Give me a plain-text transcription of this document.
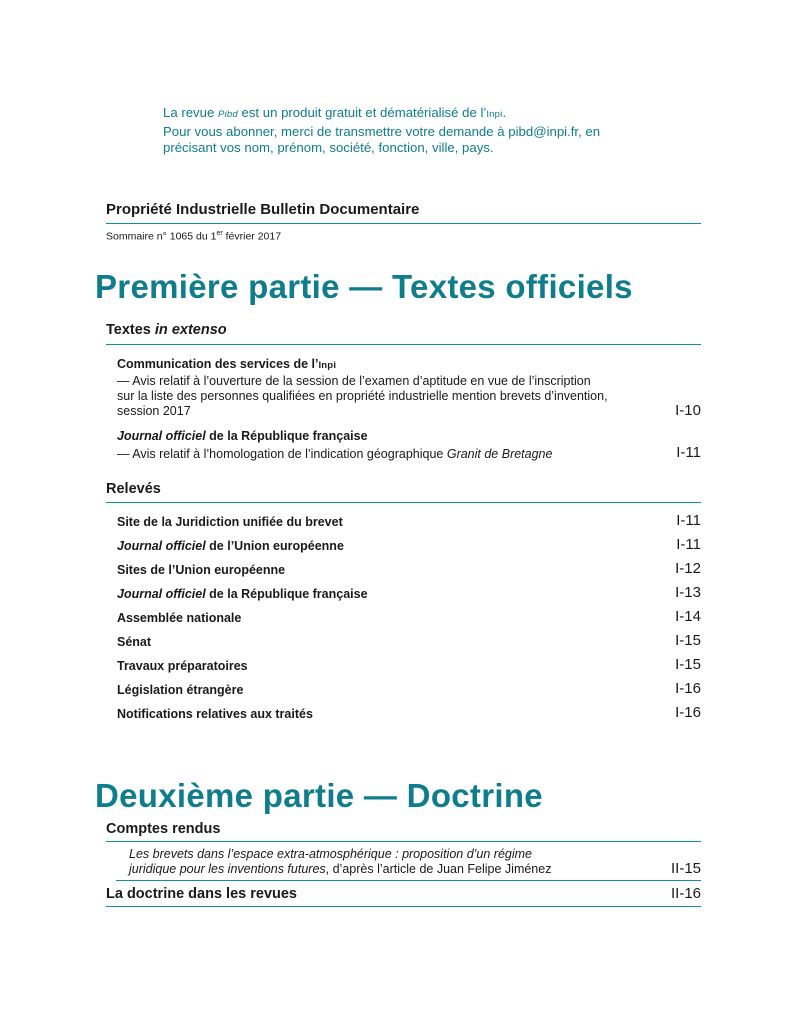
La revue Pibd est un produit gratuit et dématérialisé de l’Inpi.
Pour vous abonner, merci de transmettre votre demande à pibd@inpi.fr, en
précisant vos nom, prénom, société, fonction, ville, pays.
Propriété Industrielle Bulletin Documentaire
Sommaire n° 1065 du 1er février 2017
Première partie — Textes officiels
Textes in extenso
Communication des services de l’Inpi
— Avis relatif à l’ouverture de la session de l’examen d’aptitude en vue de l’inscription
sur la liste des personnes qualifiées en propriété industrielle mention brevets d’invention,
session 2017	I-10
Journal officiel de la République française
— Avis relatif à l’homologation de l’indication géographique Granit de Bretagne	I-11
Relevés
Site de la Juridiction unifiée du brevet	I-11
Journal officiel de l’Union européenne	I-11
Sites de l’Union européenne	I-12
Journal officiel de la République française	I-13
Assemblée nationale	I-14
Sénat	I-15
Travaux préparatoires	I-15
Législation étrangère	I-16
Notifications relatives aux traités	I-16
Deuxième partie — Doctrine
Comptes rendus
Les brevets dans l’espace extra-atmosphérique : proposition d’un régime
juridique pour les inventions futures, d’après l’article de Juan Felipe Jiménez	II-15
La doctrine dans les revues	II-16
